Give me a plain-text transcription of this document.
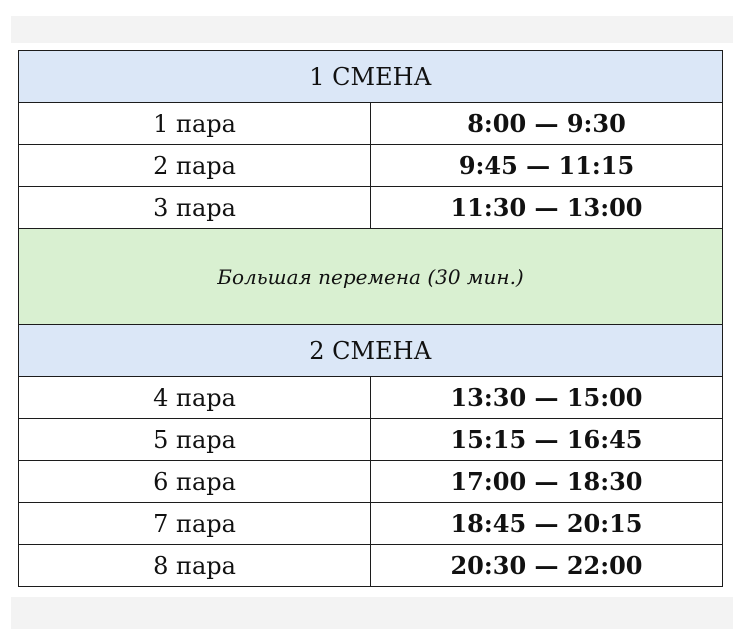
1 СМЕНА	
1 пара	8:00 — 9:30
2 пара	9:45 — 11:15
3 пара	11:30 — 13:00
Большая перемена (30 мин.)	
2 СМЕНА	
4 пара	13:30 — 15:00
5 пара	15:15 — 16:45
6 пара	17:00 — 18:30
7 пара	18:45 — 20:15
8 пара	20:30 — 22:00
